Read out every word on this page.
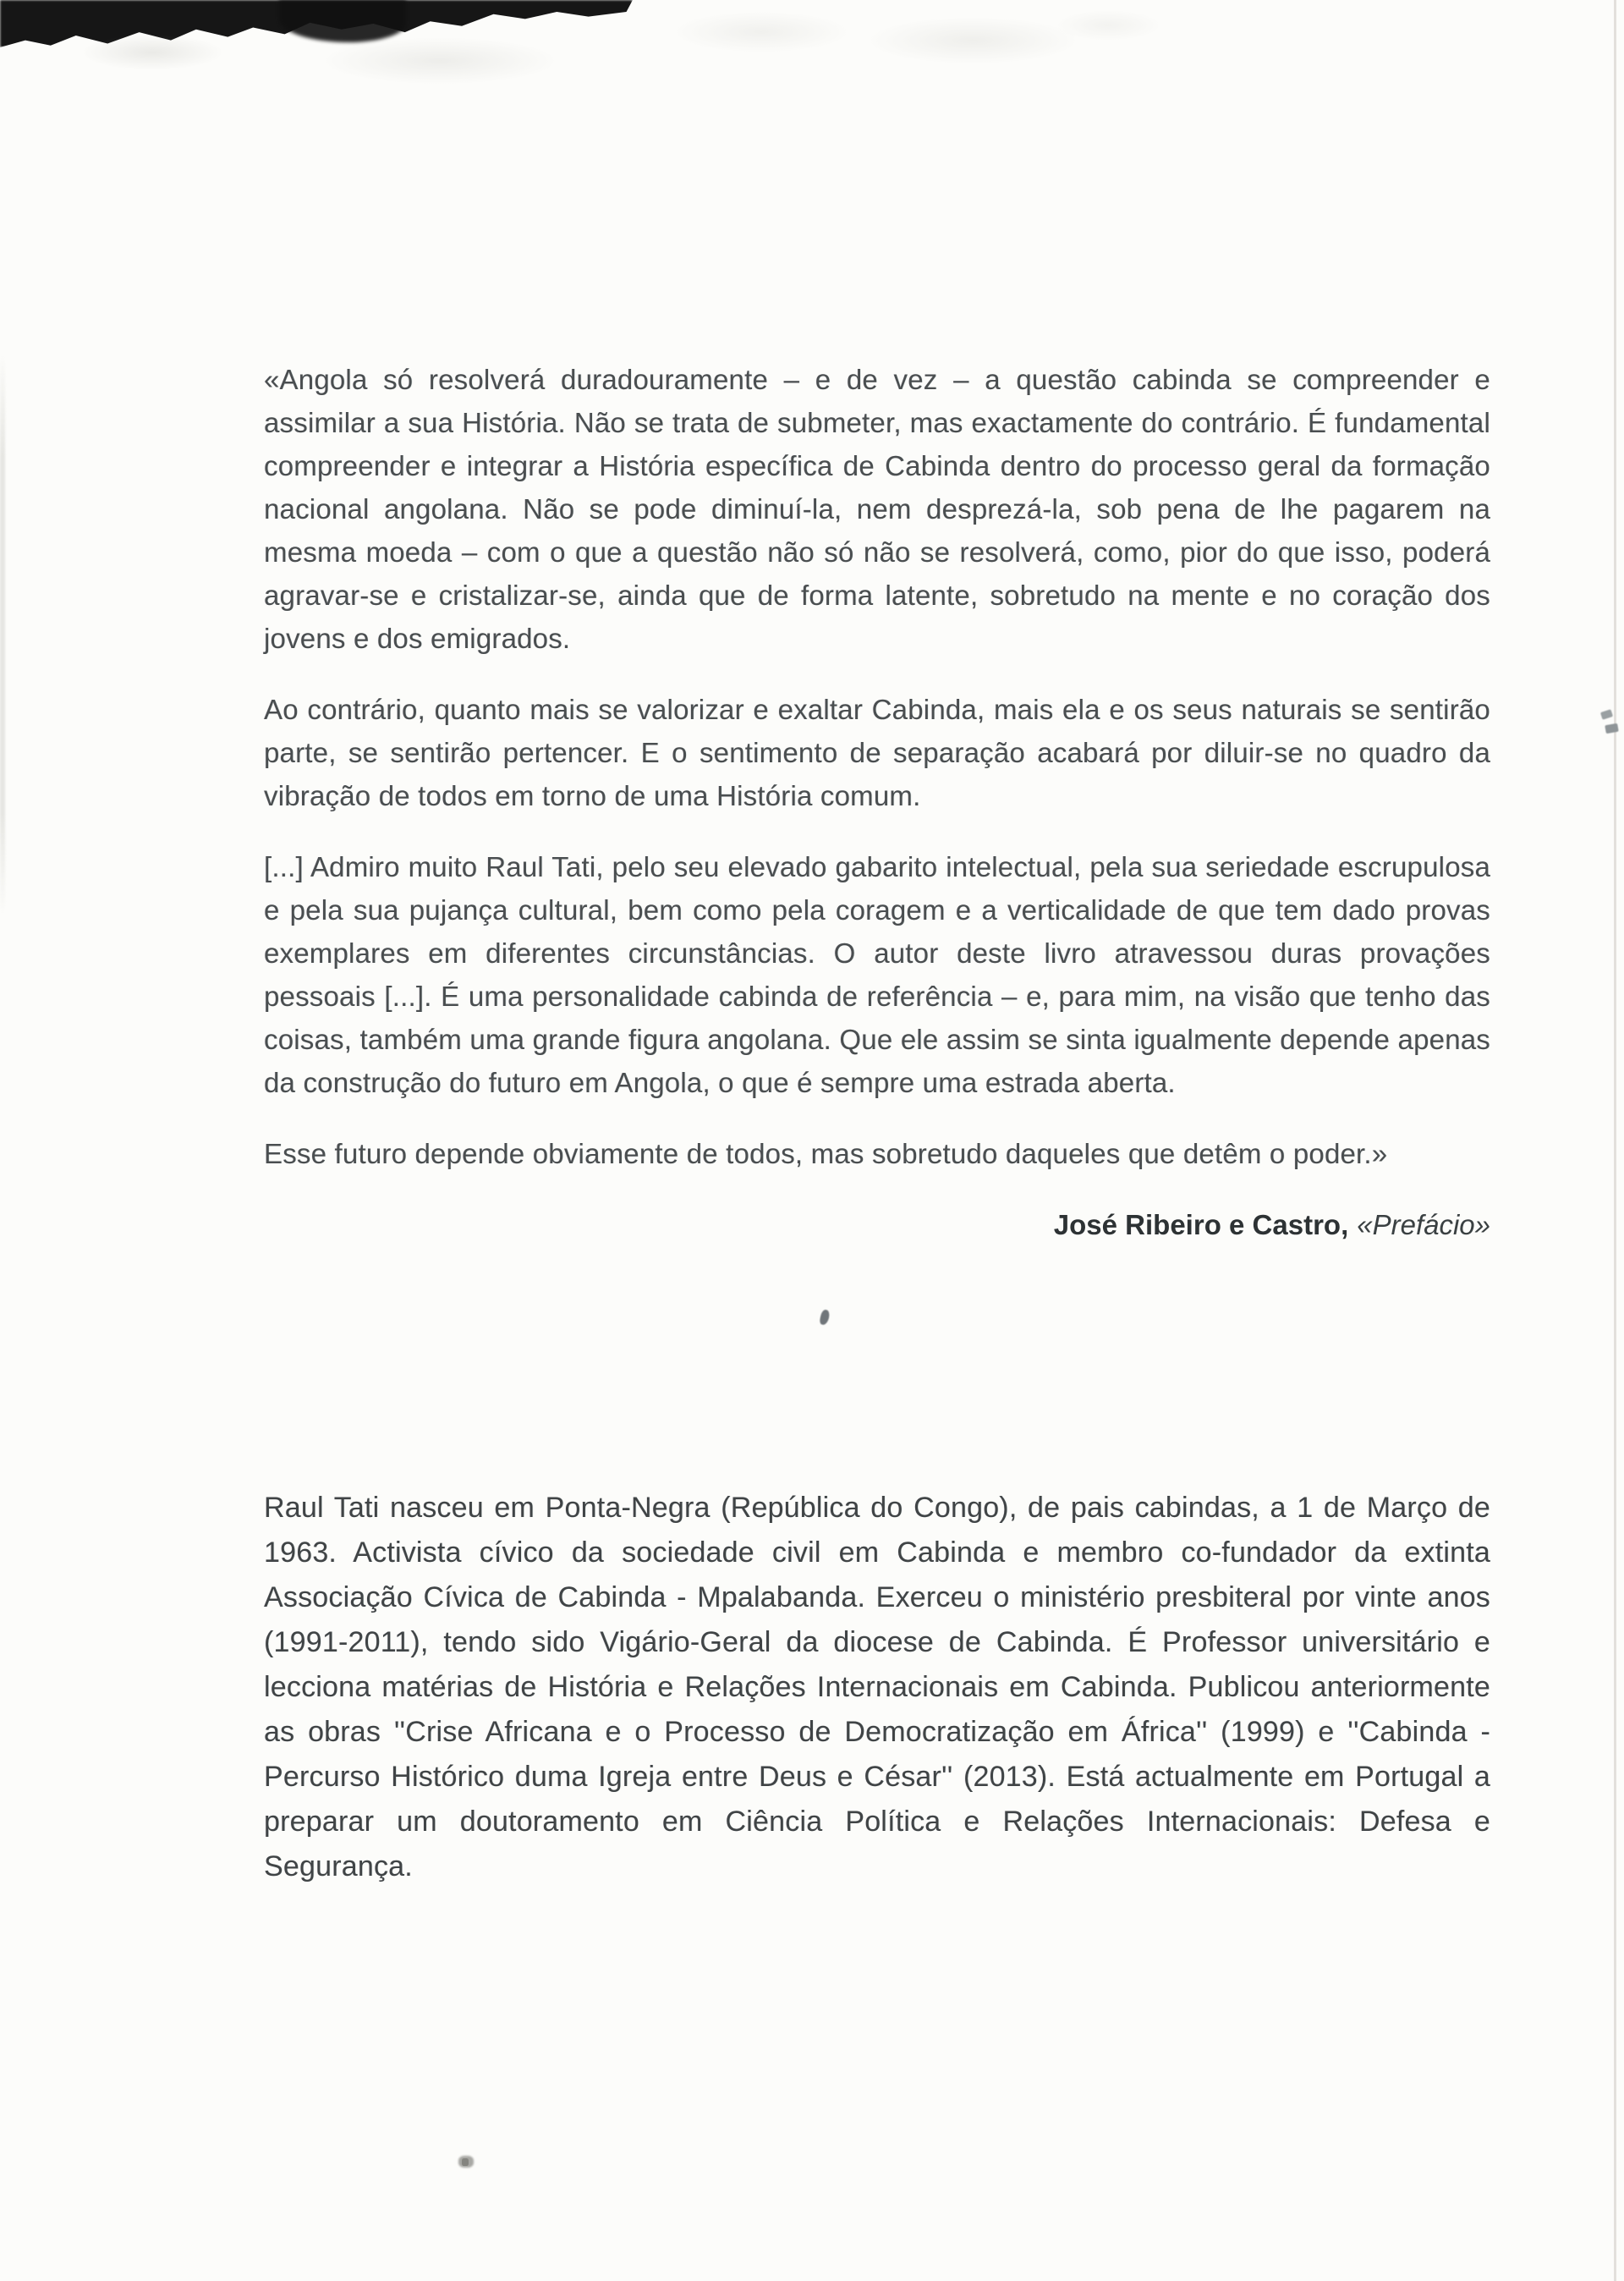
«Angola só resolverá duradouramente – e de vez – a questão cabinda se compreender e assimilar a sua História. Não se trata de submeter, mas exactamente do contrário. É fundamental compreender e integrar a História específica de Cabinda dentro do processo geral da formação nacional angolana. Não se pode diminuí-la, nem desprezá-la, sob pena de lhe pagarem na mesma moeda – com o que a questão não só não se resolverá, como, pior do que isso, poderá agravar-se e cristalizar-se, ainda que de forma latente, sobretudo na mente e no coração dos jovens e dos emigrados.

Ao contrário, quanto mais se valorizar e exaltar Cabinda, mais ela e os seus naturais se sentirão parte, se sentirão pertencer. E o sentimento de separação acabará por diluir-se no quadro da vibração de todos em torno de uma História comum.

[...] Admiro muito Raul Tati, pelo seu elevado gabarito intelectual, pela sua seriedade escrupulosa e pela sua pujança cultural, bem como pela coragem e a verticalidade de que tem dado provas exemplares em diferentes circunstâncias. O autor deste livro atravessou duras provações pessoais [...]. É uma personalidade cabinda de referência – e, para mim, na visão que tenho das coisas, também uma grande figura angolana. Que ele assim se sinta igualmente depende apenas da construção do futuro em Angola, o que é sempre uma estrada aberta.

Esse futuro depende obviamente de todos, mas sobretudo daqueles que detêm o poder.»

José Ribeiro e Castro, «Prefácio»

Raul Tati nasceu em Ponta-Negra (República do Congo), de pais cabindas, a 1 de Março de 1963. Activista cívico da sociedade civil em Cabinda e membro co-fundador da extinta Associação Cívica de Cabinda - Mpalabanda. Exerceu o ministério presbiteral por vinte anos (1991-2011), tendo sido Vigário-Geral da diocese de Cabinda. É Professor universitário e lecciona matérias de História e Relações Internacionais em Cabinda. Publicou anteriormente as obras ''Crise Africana e o Processo de Democratização em África'' (1999) e ''Cabinda - Percurso Histórico duma Igreja entre Deus e César'' (2013). Está actualmente em Portugal a preparar um doutoramento em Ciência Política e Relações Internacionais: Defesa e Segurança.
